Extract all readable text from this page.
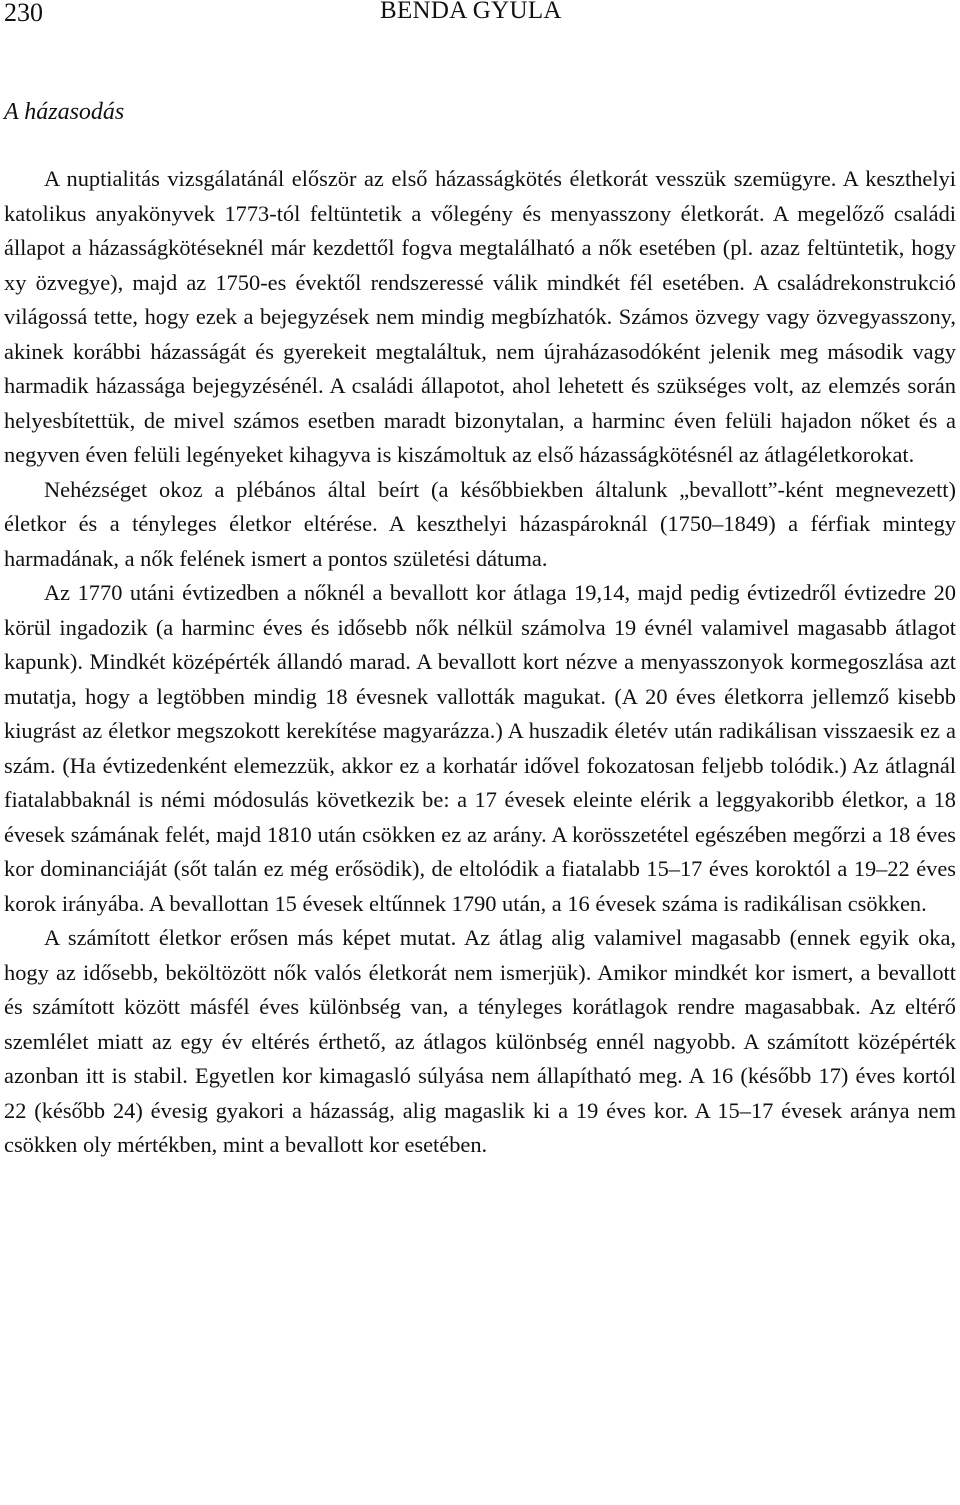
230	BENDA GYULA
A házasodás

A nuptialitás vizsgálatánál először az első házasságkötés életkorát vesszük szemügyre. A keszthelyi katolikus anyakönyvek 1773-tól feltüntetik a vőlegény és menyasszony életkorát. A megelőző családi állapot a házasságkötéseknél már kezdettől fogva megtalálható a nők esetében (pl. azaz feltüntetik, hogy xy özvegye), majd az 1750-es évektől rendszeressé válik mindkét fél esetében. A családrekonstrukció világossá tette, hogy ezek a bejegyzések nem mindig megbízhatók. Számos özvegy vagy özvegyasszony, akinek korábbi házasságát és gyerekeit megtaláltuk, nem újraházasodóként jelenik meg második vagy harmadik házassága bejegyzésénél. A családi állapotot, ahol lehetett és szükséges volt, az elemzés során helyesbítettük, de mivel számos esetben maradt bizonytalan, a harminc éven felüli hajadon nőket és a negyven éven felüli legényeket kihagyva is kiszámoltuk az első házasságkötésnél az átlagéletkorokat.

Nehézséget okoz a plébános által beírt (a későbbiekben általunk „bevallott”-ként megnevezett) életkor és a tényleges életkor eltérése. A keszthelyi házaspároknál (1750–1849) a férfiak mintegy harmadának, a nők felének ismert a pontos születési dátuma.

Az 1770 utáni évtizedben a nőknél a bevallott kor átlaga 19,14, majd pedig évtizedről évtizedre 20 körül ingadozik (a harminc éves és idősebb nők nélkül számolva 19 évnél valamivel magasabb átlagot kapunk). Mindkét középérték állandó marad. A bevallott kort nézve a menyasszonyok kormegoszlása azt mutatja, hogy a legtöbben mindig 18 évesnek vallották magukat. (A 20 éves életkorra jellemző kisebb kiugrást az életkor megszokott kerekítése magyarázza.) A huszadik életév után radikálisan visszaesik ez a szám. (Ha évtizedenként elemezzük, akkor ez a korhatár idővel fokozatosan feljebb tolódik.) Az átlagnál fiatalabbaknál is némi módosulás következik be: a 17 évesek eleinte elérik a leggyakoribb életkor, a 18 évesek számának felét, majd 1810 után csökken ez az arány. A korösszetétel egészében megőrzi a 18 éves kor dominanciáját (sőt talán ez még erősödik), de eltolódik a fiatalabb 15–17 éves koroktól a 19–22 éves korok irányába. A bevallottan 15 évesek eltűnnek 1790 után, a 16 évesek száma is radikálisan csökken.

A számított életkor erősen más képet mutat. Az átlag alig valamivel magasabb (ennek egyik oka, hogy az idősebb, beköltözött nők valós életkorát nem ismerjük). Amikor mindkét kor ismert, a bevallott és számított között másfél éves különbség van, a tényleges korátlagok rendre magasabbak. Az eltérő szemlélet miatt az egy év eltérés érthető, az átlagos különbség ennél nagyobb. A számított középérték azonban itt is stabil. Egyetlen kor kimagasló súlyása nem állapítható meg. A 16 (később 17) éves kortól 22 (később 24) évesig gyakori a házasság, alig magaslik ki a 19 éves kor. A 15–17 évesek aránya nem csökken oly mértékben, mint a bevallott kor esetében.
